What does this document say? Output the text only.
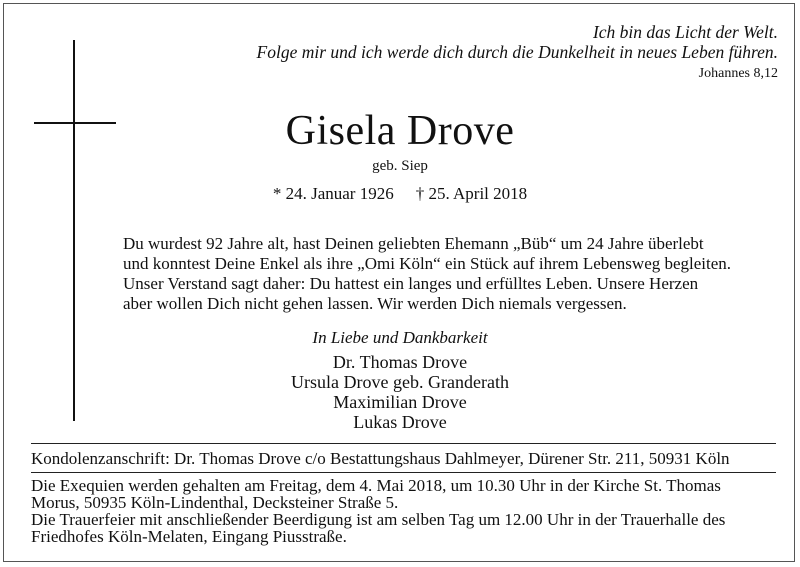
Ich bin das Licht der Welt.
Folge mir und ich werde dich durch die Dunkelheit in neues Leben führen.
Johannes 8,12
Gisela Drove
geb. Siep
* 24. Januar 1926 † 25. April 2018
Du wurdest 92 Jahre alt, hast Deinen geliebten Ehemann „Büb“ um 24 Jahre überlebt
und konntest Deine Enkel als ihre „Omi Köln“ ein Stück auf ihrem Lebensweg begleiten.
Unser Verstand sagt daher: Du hattest ein langes und erfülltes Leben. Unsere Herzen
aber wollen Dich nicht gehen lassen. Wir werden Dich niemals vergessen.
In Liebe und Dankbarkeit
Dr. Thomas Drove
Ursula Drove geb. Granderath
Maximilian Drove
Lukas Drove
Kondolenzanschrift: Dr. Thomas Drove c/o Bestattungshaus Dahlmeyer, Dürener Str. 211, 50931 Köln
Die Exequien werden gehalten am Freitag, dem 4. Mai 2018, um 10.30 Uhr in der Kirche St. Thomas
Morus, 50935 Köln-Lindenthal, Decksteiner Straße 5.
Die Trauerfeier mit anschließender Beerdigung ist am selben Tag um 12.00 Uhr in der Trauerhalle des
Friedhofes Köln-Melaten, Eingang Piusstraße.
